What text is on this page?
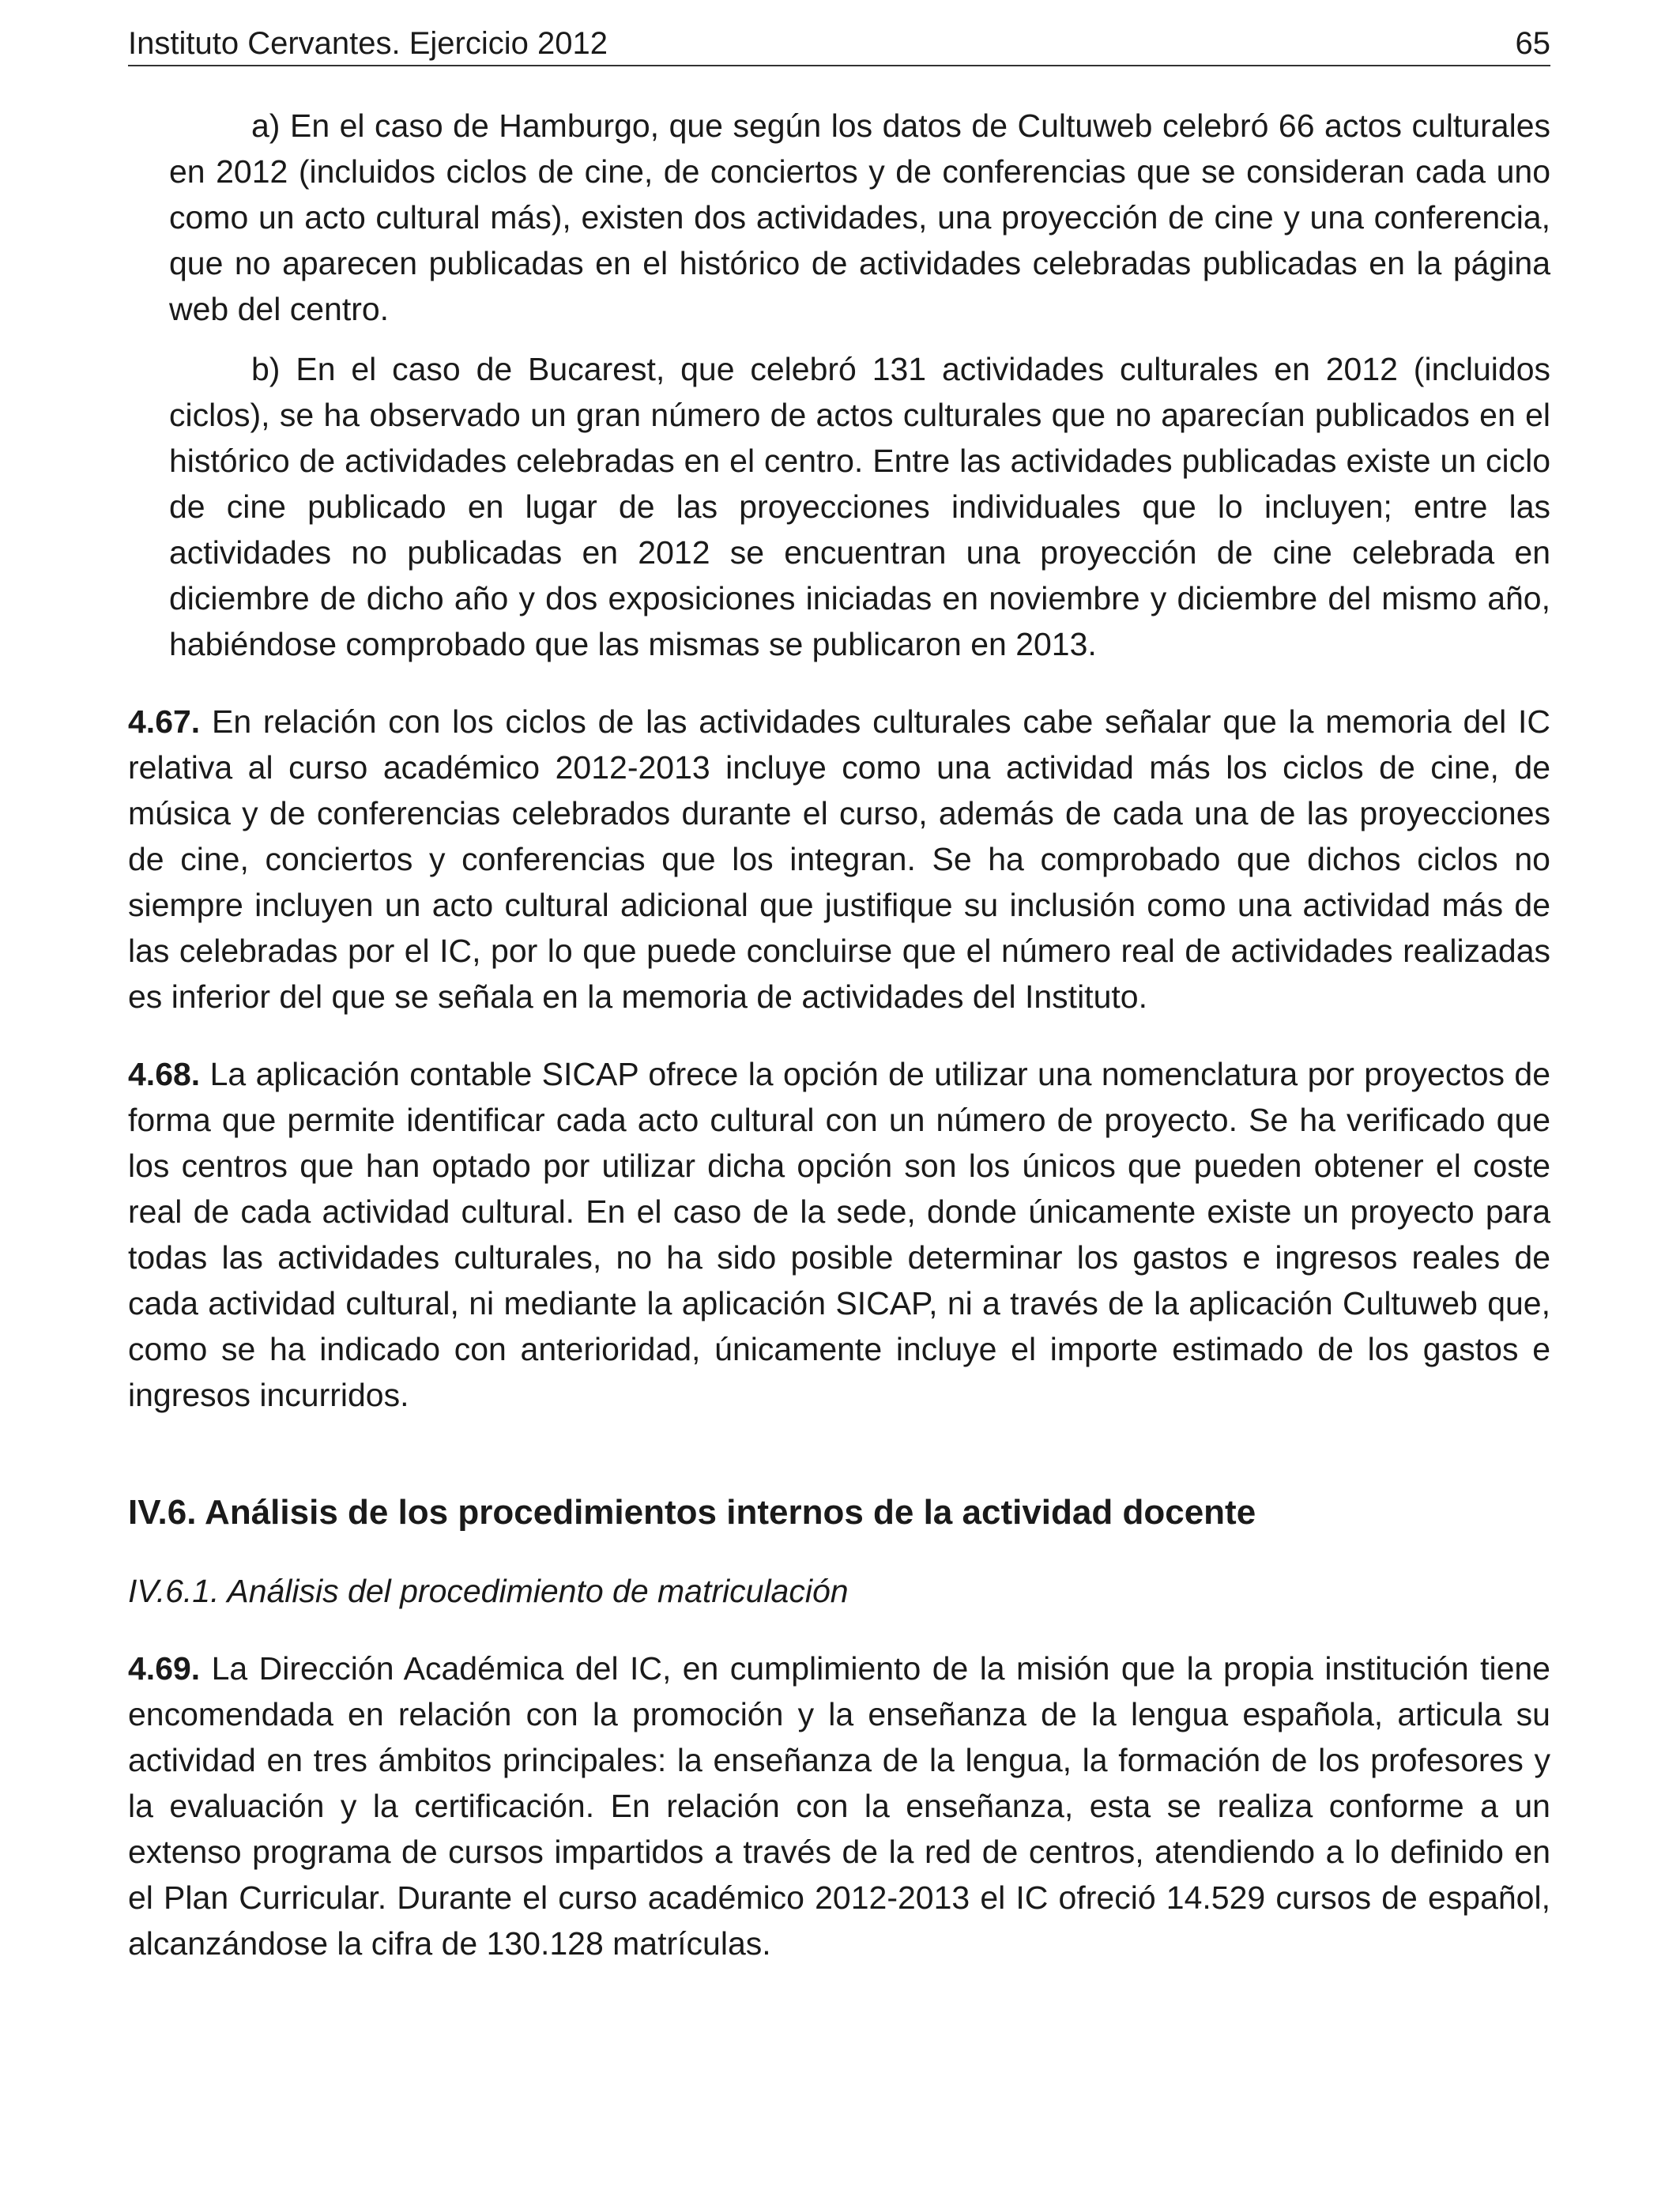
Instituto Cervantes. Ejercicio 2012	65

a) En el caso de Hamburgo, que según los datos de Cultuweb celebró 66 actos culturales en 2012 (incluidos ciclos de cine, de conciertos y de conferencias que se consideran cada uno como un acto cultural más), existen dos actividades, una proyección de cine y una conferencia, que no aparecen publicadas en el histórico de actividades celebradas publicadas en la página web del centro.

b) En el caso de Bucarest, que celebró 131 actividades culturales en 2012 (incluidos ciclos), se ha observado un gran número de actos culturales que no aparecían publicados en el histórico de actividades celebradas en el centro. Entre las actividades publicadas existe un ciclo de cine publicado en lugar de las proyecciones individuales que lo incluyen; entre las actividades no publicadas en 2012 se encuentran una proyección de cine celebrada en diciembre de dicho año y dos exposiciones iniciadas en noviembre y diciembre del mismo año, habiéndose comprobado que las mismas se publicaron en 2013.

4.67. En relación con los ciclos de las actividades culturales cabe señalar que la memoria del IC relativa al curso académico 2012-2013 incluye como una actividad más los ciclos de cine, de música y de conferencias celebrados durante el curso, además de cada una de las proyecciones de cine, conciertos y conferencias que los integran. Se ha comprobado que dichos ciclos no siempre incluyen un acto cultural adicional que justifique su inclusión como una actividad más de las celebradas por el IC, por lo que puede concluirse que el número real de actividades realizadas es inferior del que se señala en la memoria de actividades del Instituto.

4.68. La aplicación contable SICAP ofrece la opción de utilizar una nomenclatura por proyectos de forma que permite identificar cada acto cultural con un número de proyecto. Se ha verificado que los centros que han optado por utilizar dicha opción son los únicos que pueden obtener el coste real de cada actividad cultural. En el caso de la sede, donde únicamente existe un proyecto para todas las actividades culturales, no ha sido posible determinar los gastos e ingresos reales de cada actividad cultural, ni mediante la aplicación SICAP, ni a través de la aplicación Cultuweb que, como se ha indicado con anterioridad, únicamente incluye el importe estimado de los gastos e ingresos incurridos.

IV.6. Análisis de los procedimientos internos de la actividad docente
IV.6.1. Análisis del procedimiento de matriculación

4.69. La Dirección Académica del IC, en cumplimiento de la misión que la propia institución tiene encomendada en relación con la promoción y la enseñanza de la lengua española, articula su actividad en tres ámbitos principales: la enseñanza de la lengua, la formación de los profesores y la evaluación y la certificación. En relación con la enseñanza, esta se realiza conforme a un extenso programa de cursos impartidos a través de la red de centros, atendiendo a lo definido en el Plan Curricular. Durante el curso académico 2012-2013 el IC ofreció 14.529 cursos de español, alcanzándose la cifra de 130.128 matrículas.
